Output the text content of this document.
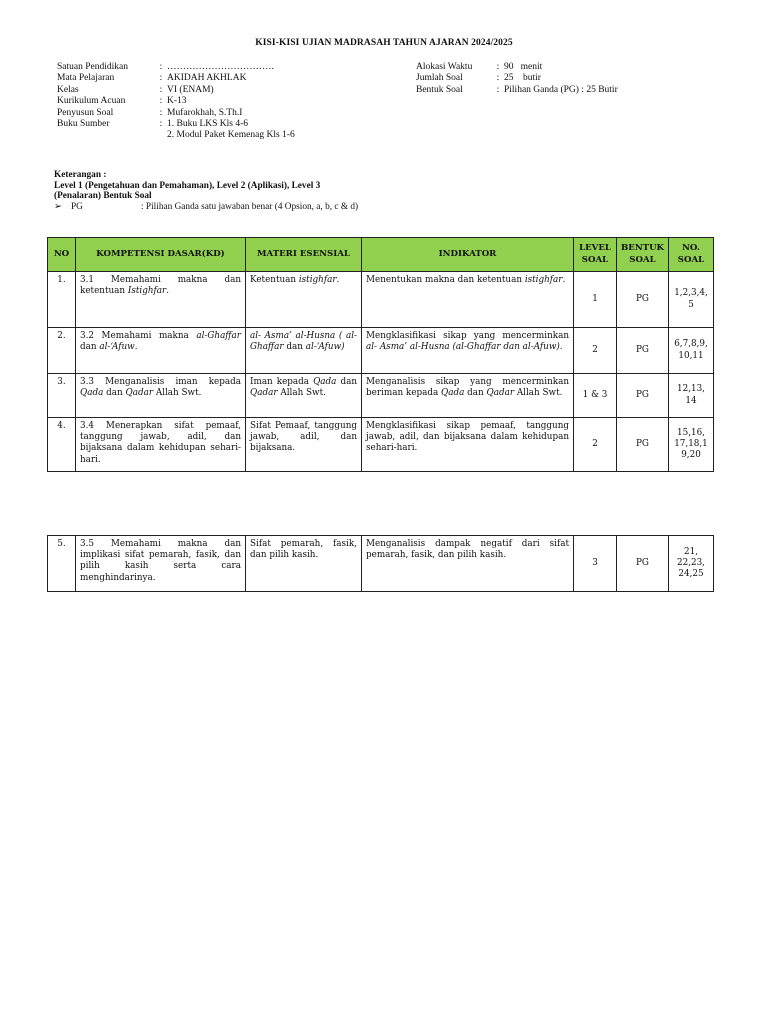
KISI-KISI UJIAN MADRASAH TAHUN AJARAN 2024/2025
Satuan Pendidikan	: …………………………….
Mata Pelajaran	: AKIDAH AKHLAK
Kelas	: VI (ENAM)
Kurikulum Acuan	: K-13
Penyusun Soal	: Mufarokhah, S.Th.I
Buku Sumber	: 1. Buku LKS Kls 4-6
2. Modul Paket Kemenag Kls 1-6
Alokasi Waktu	: 90   menit
Jumlah Soal	: 25    butir
Bentuk Soal	: Pilihan Ganda (PG) : 25 Butir
Keterangan :
Level 1 (Pengetahuan dan Pemahaman), Level 2 (Aplikasi), Level 3
(Penalaran) Bentuk Soal
➢ PG	: Pilihan Ganda satu jawaban benar (4 Opsion, a, b, c & d)
NO	KOMPETENSI DASAR(KD)	MATERI ESENSIAL	INDIKATOR	LEVEL SOAL	BENTUK SOAL	NO. SOAL
1.	3.1 Memahami makna dan ketentuan Istighfar.	Ketentuan istighfar.	Menentukan makna dan ketentuan istighfar.	1	PG	1,2,3,4, 5
2.	3.2 Memahami makna al-Ghaffar dan al-‘Afuw.	al- Asma’ al-Husna ( al- Ghaffar dan al-‘Afuw)	Mengklasifikasi sikap yang mencerminkan al- Asma’ al-Husna (al-Ghaffar dan al-Afuw).	2	PG	6,7,8,9, 10,11
3.	3.3 Menganalisis iman kepada Qada dan Qadar Allah Swt.	Iman kepada Qada dan Qadar Allah Swt.	Menganalisis sikap yang mencerminkan beriman kepada Qada dan Qadar Allah Swt.	1 & 3	PG	12,13, 14
4.	3.4 Menerapkan sifat pemaaf, tanggung jawab, adil, dan bijaksana dalam kehidupan sehari-hari.	Sifat Pemaaf, tanggung jawab, adil, dan bijaksana.	Mengklasifikasi sikap pemaaf, tanggung jawab, adil, dan bijaksana dalam kehidupan sehari-hari.	2	PG	15,16, 17,18,1 9,20
5.	3.5 Memahami makna dan implikasi sifat pemarah, fasik, dan pilih kasih serta cara menghindarinya.	Sifat pemarah, fasik, dan pilih kasih.	Menganalisis dampak negatif dari sifat pemarah, fasik, dan pilih kasih.	3	PG	21, 22,23, 24,25
